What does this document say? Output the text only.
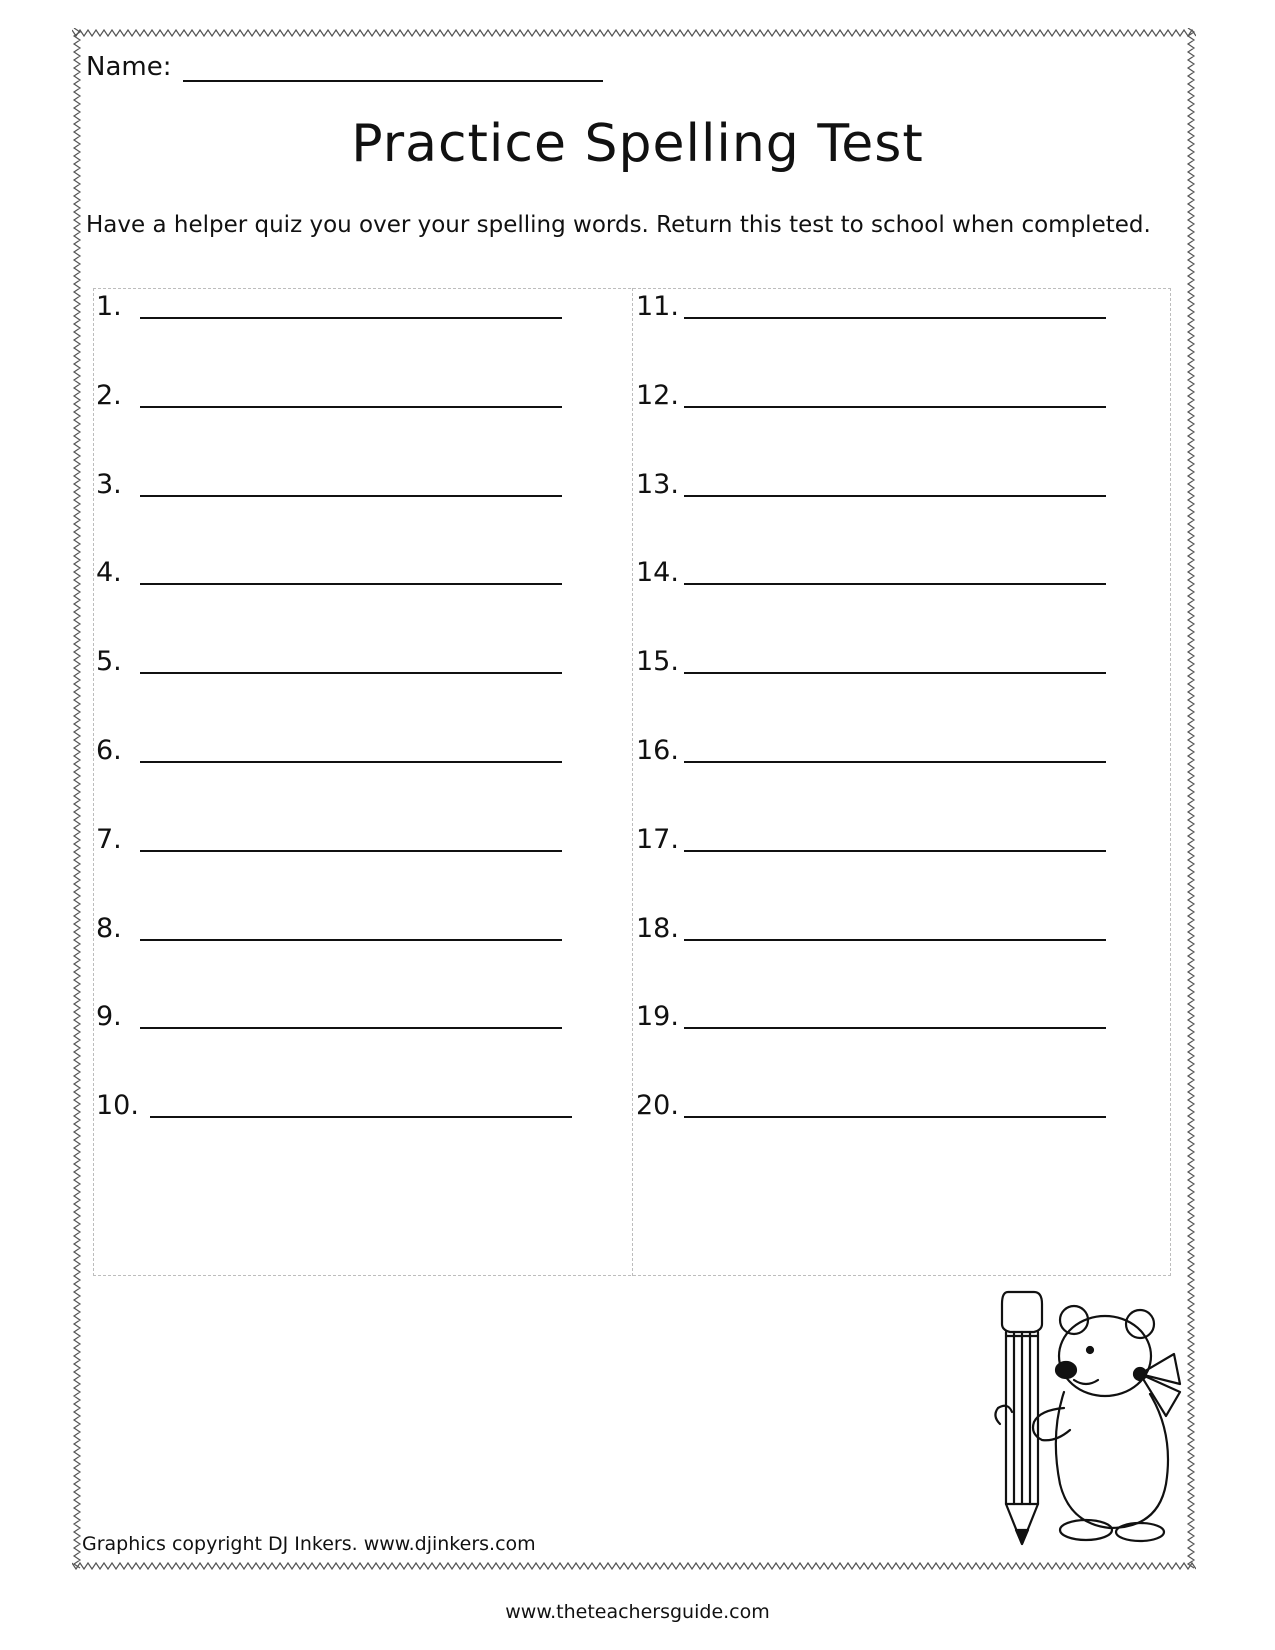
Name:
Practice Spelling Test
Have a helper quiz you over your spelling words. Return this test to school when completed.
1.
2.
3.
4.
5.
6.
7.
8.
9.
10.
11.
12.
13.
14.
15.
16.
17.
18.
19.
20.
Graphics copyright DJ Inkers. www.djinkers.com
www.theteachersguide.com
